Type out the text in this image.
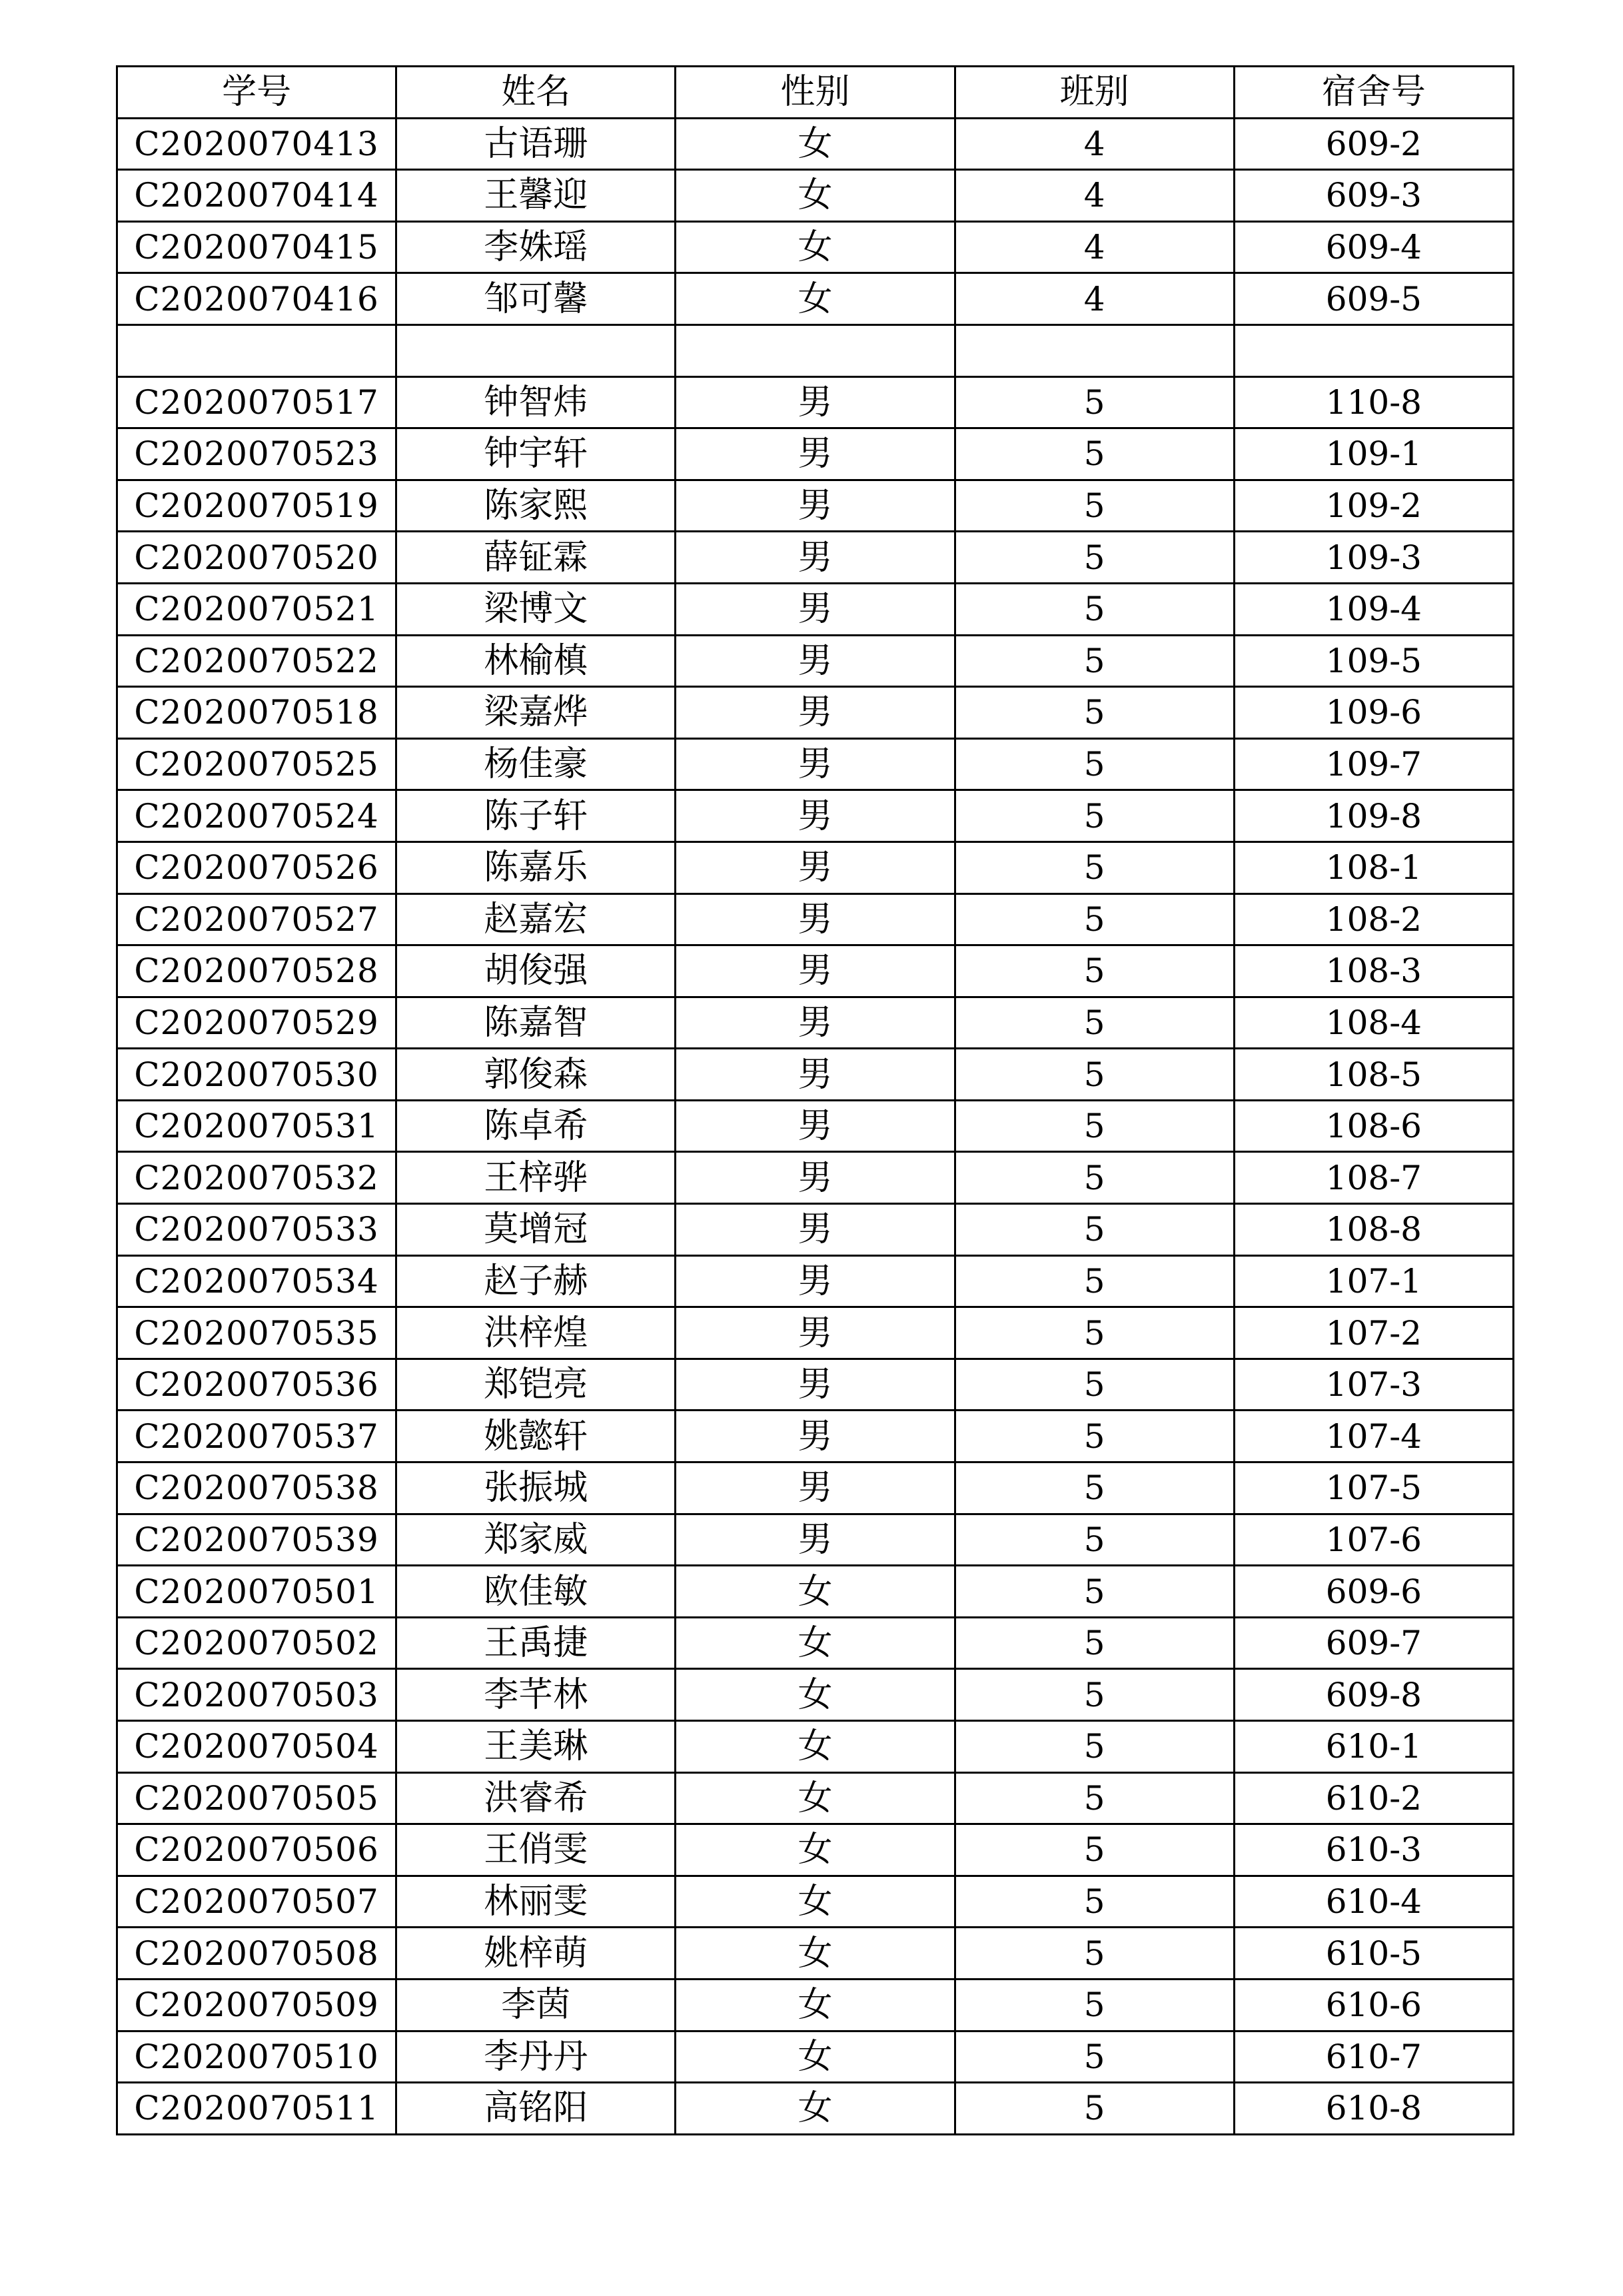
学号	姓名	性别	班别	宿舍号
C2020070413	古语珊	女	4	609-2
C2020070414	王馨迎	女	4	609-3
C2020070415	李姝瑶	女	4	609-4
C2020070416	邹可馨	女	4	609-5

C2020070517	钟智炜	男	5	110-8
C2020070523	钟宇轩	男	5	109-1
C2020070519	陈家熙	男	5	109-2
C2020070520	薛钲霖	男	5	109-3
C2020070521	梁博文	男	5	109-4
C2020070522	林榆槙	男	5	109-5
C2020070518	梁嘉烨	男	5	109-6
C2020070525	杨佳豪	男	5	109-7
C2020070524	陈子轩	男	5	109-8
C2020070526	陈嘉乐	男	5	108-1
C2020070527	赵嘉宏	男	5	108-2
C2020070528	胡俊强	男	5	108-3
C2020070529	陈嘉智	男	5	108-4
C2020070530	郭俊森	男	5	108-5
C2020070531	陈卓希	男	5	108-6
C2020070532	王梓骅	男	5	108-7
C2020070533	莫增冠	男	5	108-8
C2020070534	赵子赫	男	5	107-1
C2020070535	洪梓煌	男	5	107-2
C2020070536	郑铠亮	男	5	107-3
C2020070537	姚懿轩	男	5	107-4
C2020070538	张振城	男	5	107-5
C2020070539	郑家威	男	5	107-6
C2020070501	欧佳敏	女	5	609-6
C2020070502	王禹捷	女	5	609-7
C2020070503	李芊林	女	5	609-8
C2020070504	王美琳	女	5	610-1
C2020070505	洪睿希	女	5	610-2
C2020070506	王俏雯	女	5	610-3
C2020070507	林丽雯	女	5	610-4
C2020070508	姚梓萌	女	5	610-5
C2020070509	李茵	女	5	610-6
C2020070510	李丹丹	女	5	610-7
C2020070511	高铭阳	女	5	610-8
